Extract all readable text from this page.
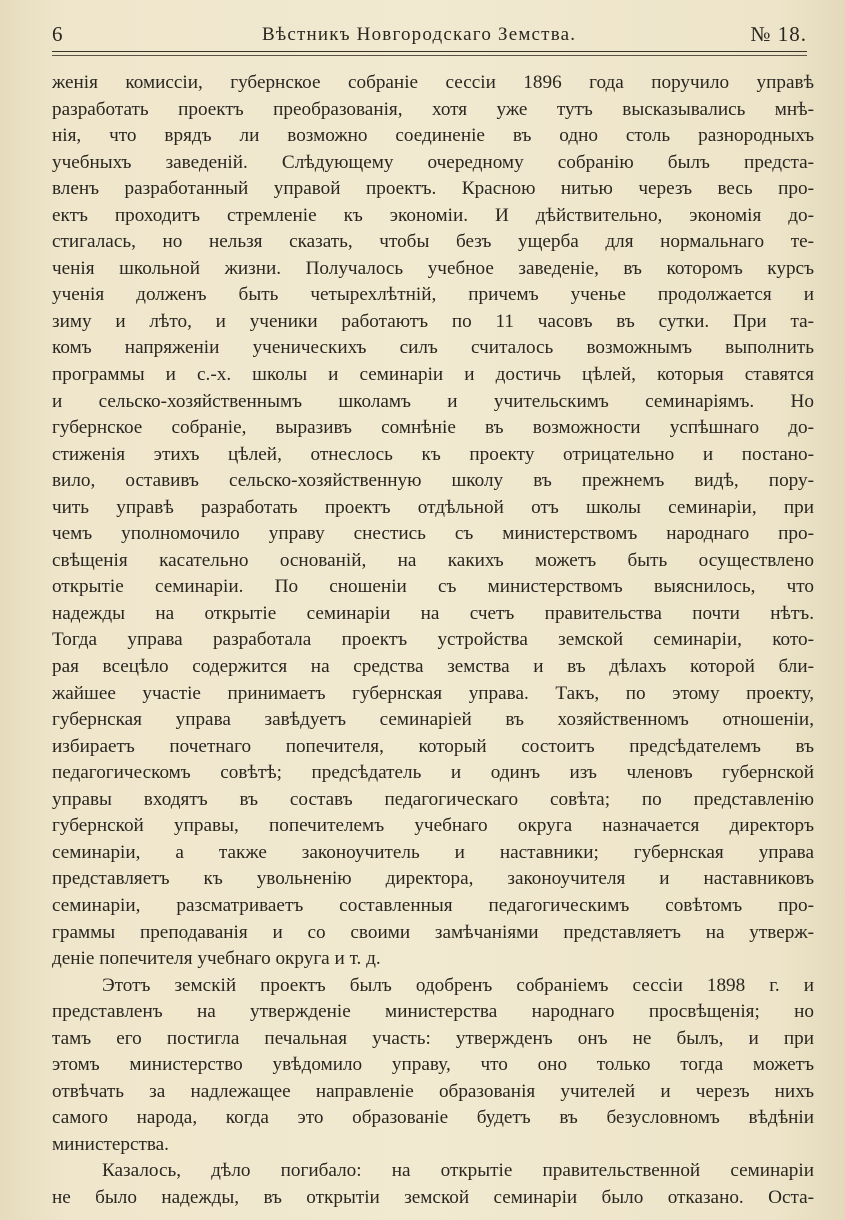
6	Вѣстникъ Новгородскаго Земства.	№ 18.
женія комиссіи, губернское собраніе сессіи 1896 года поручило управѣ
разработать проектъ преобразованія, хотя уже тутъ высказывались мнѣ-
нія, что врядъ ли возможно соединеніе въ одно столь разнородныхъ
учебныхъ заведеній. Слѣдующему очередному собранію былъ предста-
вленъ разработанный управой проектъ. Красною нитью черезъ весь про-
ектъ проходитъ стремленіе къ экономіи. И дѣйствительно, экономія до-
стигалась, но нельзя сказать, чтобы безъ ущерба для нормальнаго те-
ченія школьной жизни. Получалось учебное заведеніе, въ которомъ курсъ
ученія долженъ быть четырехлѣтній, причемъ ученье продолжается и
зиму и лѣто, и ученики работаютъ по 11 часовъ въ сутки. При та-
комъ напряженіи ученическихъ силъ считалось возможнымъ выполнить
программы и с.-х. школы и семинаріи и достичь цѣлей, которыя ставятся
и сельско-хозяйственнымъ школамъ и учительскимъ семинаріямъ. Но
губернское собраніе, выразивъ сомнѣніе въ возможности успѣшнаго до-
стиженія этихъ цѣлей, отнеслось къ проекту отрицательно и постано-
вило, оставивъ сельско-хозяйственную школу въ прежнемъ видѣ, пору-
чить управѣ разработать проектъ отдѣльной отъ школы семинаріи, при
чемъ уполномочило управу снестись съ министерствомъ народнаго про-
свѣщенія касательно основаній, на какихъ можетъ быть осуществлено
открытіе семинаріи. По сношеніи съ министерствомъ выяснилось, что
надежды на открытіе семинаріи на счетъ правительства почти нѣтъ.
Тогда управа разработала проектъ устройства земской семинаріи, кото-
рая всецѣло содержится на средства земства и въ дѣлахъ которой бли-
жайшее участіе принимаетъ губернская управа. Такъ, по этому проекту,
губернская управа завѣдуетъ семинаріей въ хозяйственномъ отношеніи,
избираетъ почетнаго попечителя, который состоитъ предсѣдателемъ въ
педагогическомъ совѣтѣ; предсѣдатель и одинъ изъ членовъ губернской
управы входятъ въ составъ педагогическаго совѣта; по представленію
губернской управы, попечителемъ учебнаго округа назначается директоръ
семинаріи, а также законоучитель и наставники; губернская управа
представляетъ къ увольненію директора, законоучителя и наставниковъ
семинаріи, разсматриваетъ составленныя педагогическимъ совѣтомъ про-
граммы преподаванія и со своими замѣчаніями представляетъ на утверж-
деніе попечителя учебнаго округа и т. д.
Этотъ земскій проектъ былъ одобренъ собраніемъ сессіи 1898 г. и
представленъ на утвержденіе министерства народнаго просвѣщенія; но
тамъ его постигла печальная участь: утвержденъ онъ не былъ, и при
этомъ министерство увѣдомило управу, что оно только тогда можетъ
отвѣчать за надлежащее направленіе образованія учителей и черезъ нихъ
самого народа, когда это образованіе будетъ въ безусловномъ вѣдѣніи
министерства.
Казалось, дѣло погибало: на открытіе правительственной семинаріи
не было надежды, въ открытіи земской семинаріи было отказано. Оста-
